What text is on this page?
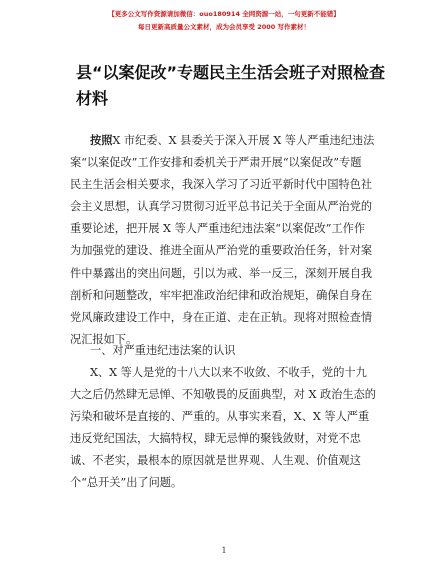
【更多公文写作资源请加微信：ouo180914 全网资源一站，一句更新不能错】
每日更新高质量公文素材，成为会员享受 2000 写作素材！
县“以案促改”专题民主生活会班子对照检查
材料
按照X 市纪委、X 县委关于深入开展 X 等人严重违纪违法
案“以案促改”工作安排和委机关于严肃开展“以案促改”专题
民主生活会相关要求，我深入学习了习近平新时代中国特色社
会主义思想，认真学习贯彻习近平总书记关于全面从严治党的
重要论述，把开展 X 等人严重违纪违法案“以案促改”工作作
为加强党的建设、推进全面从严治党的重要政治任务，针对案
件中暴露出的突出问题，引以为戒、举一反三，深刻开展自我
剖析和问题整改，牢牢把准政治纪律和政治规矩，确保自身在
党风廉政建设工作中，身在正道、走在正轨。现将对照检查情
况汇报如下。
一、对严重违纪违法案的认识
X、X 等人是党的十八大以来不收敛、不收手，党的十九
大之后仍然肆无忌惮、不知敬畏的反面典型，对 X 政治生态的
污染和破坏是直接的、严重的。从事实来看，X、X 等人严重
违反党纪国法，大搞特权，肆无忌惮的聚钱敛财，对党不忠
诚、不老实，最根本的原因就是世界观、人生观、价值观这
个“总开关”出了问题。
1
